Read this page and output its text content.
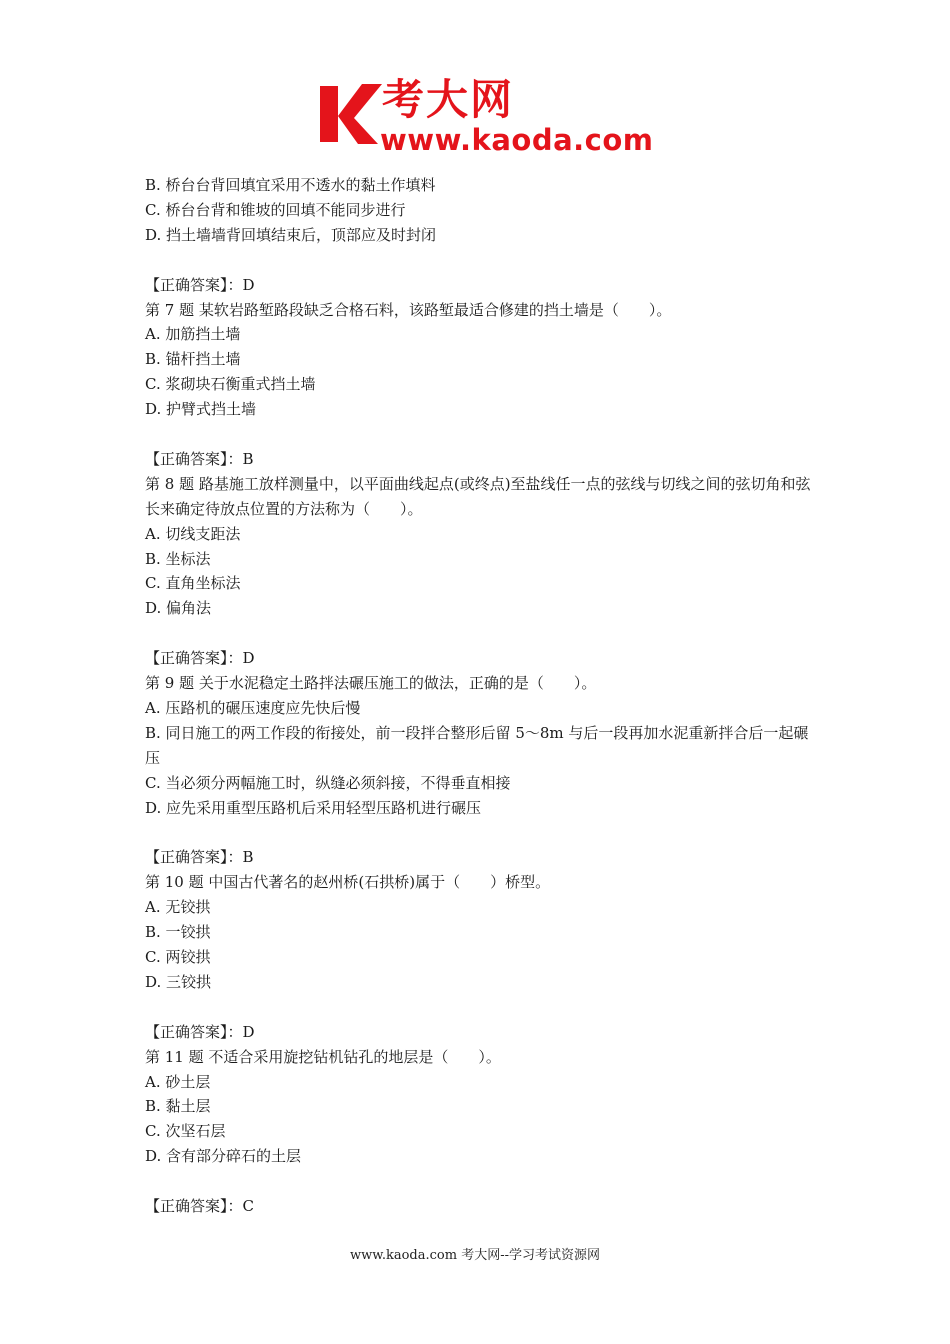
考大网
www.kaoda.com
B. 桥台台背回填宜采用不透水的黏土作填料
C. 桥台台背和锥坡的回填不能同步进行
D. 挡土墙墙背回填结束后，顶部应及时封闭
【正确答案】：D
第 7 题 某软岩路堑路段缺乏合格石料，该路堑最适合修建的挡土墙是（　　）。
A. 加筋挡土墙
B. 锚杆挡土墙
C. 浆砌块石衡重式挡土墙
D. 护臂式挡土墙
【正确答案】：B
第 8 题 路基施工放样测量中，以平面曲线起点(或终点)至盐线任一点的弦线与切线之间的弦切角和弦长来确定待放点位置的方法称为（　　）。
A. 切线支距法
B. 坐标法
C. 直角坐标法
D. 偏角法
【正确答案】：D
第 9 题 关于水泥稳定土路拌法碾压施工的做法，正确的是（　　）。
A. 压路机的碾压速度应先快后慢
B. 同日施工的两工作段的衔接处，前一段拌合整形后留 5～8m 与后一段再加水泥重新拌合后一起碾压
C. 当必须分两幅施工时，纵缝必须斜接，不得垂直相接
D. 应先采用重型压路机后采用轻型压路机进行碾压
【正确答案】：B
第 10 题 中国古代著名的赵州桥(石拱桥)属于（　　）桥型。
A. 无铰拱
B. 一铰拱
C. 两铰拱
D. 三铰拱
【正确答案】：D
第 11 题 不适合采用旋挖钻机钻孔的地层是（　　）。
A. 砂土层
B. 黏土层
C. 次坚石层
D. 含有部分碎石的土层
【正确答案】：C
www.kaoda.com 考大网--学习考试资源网
